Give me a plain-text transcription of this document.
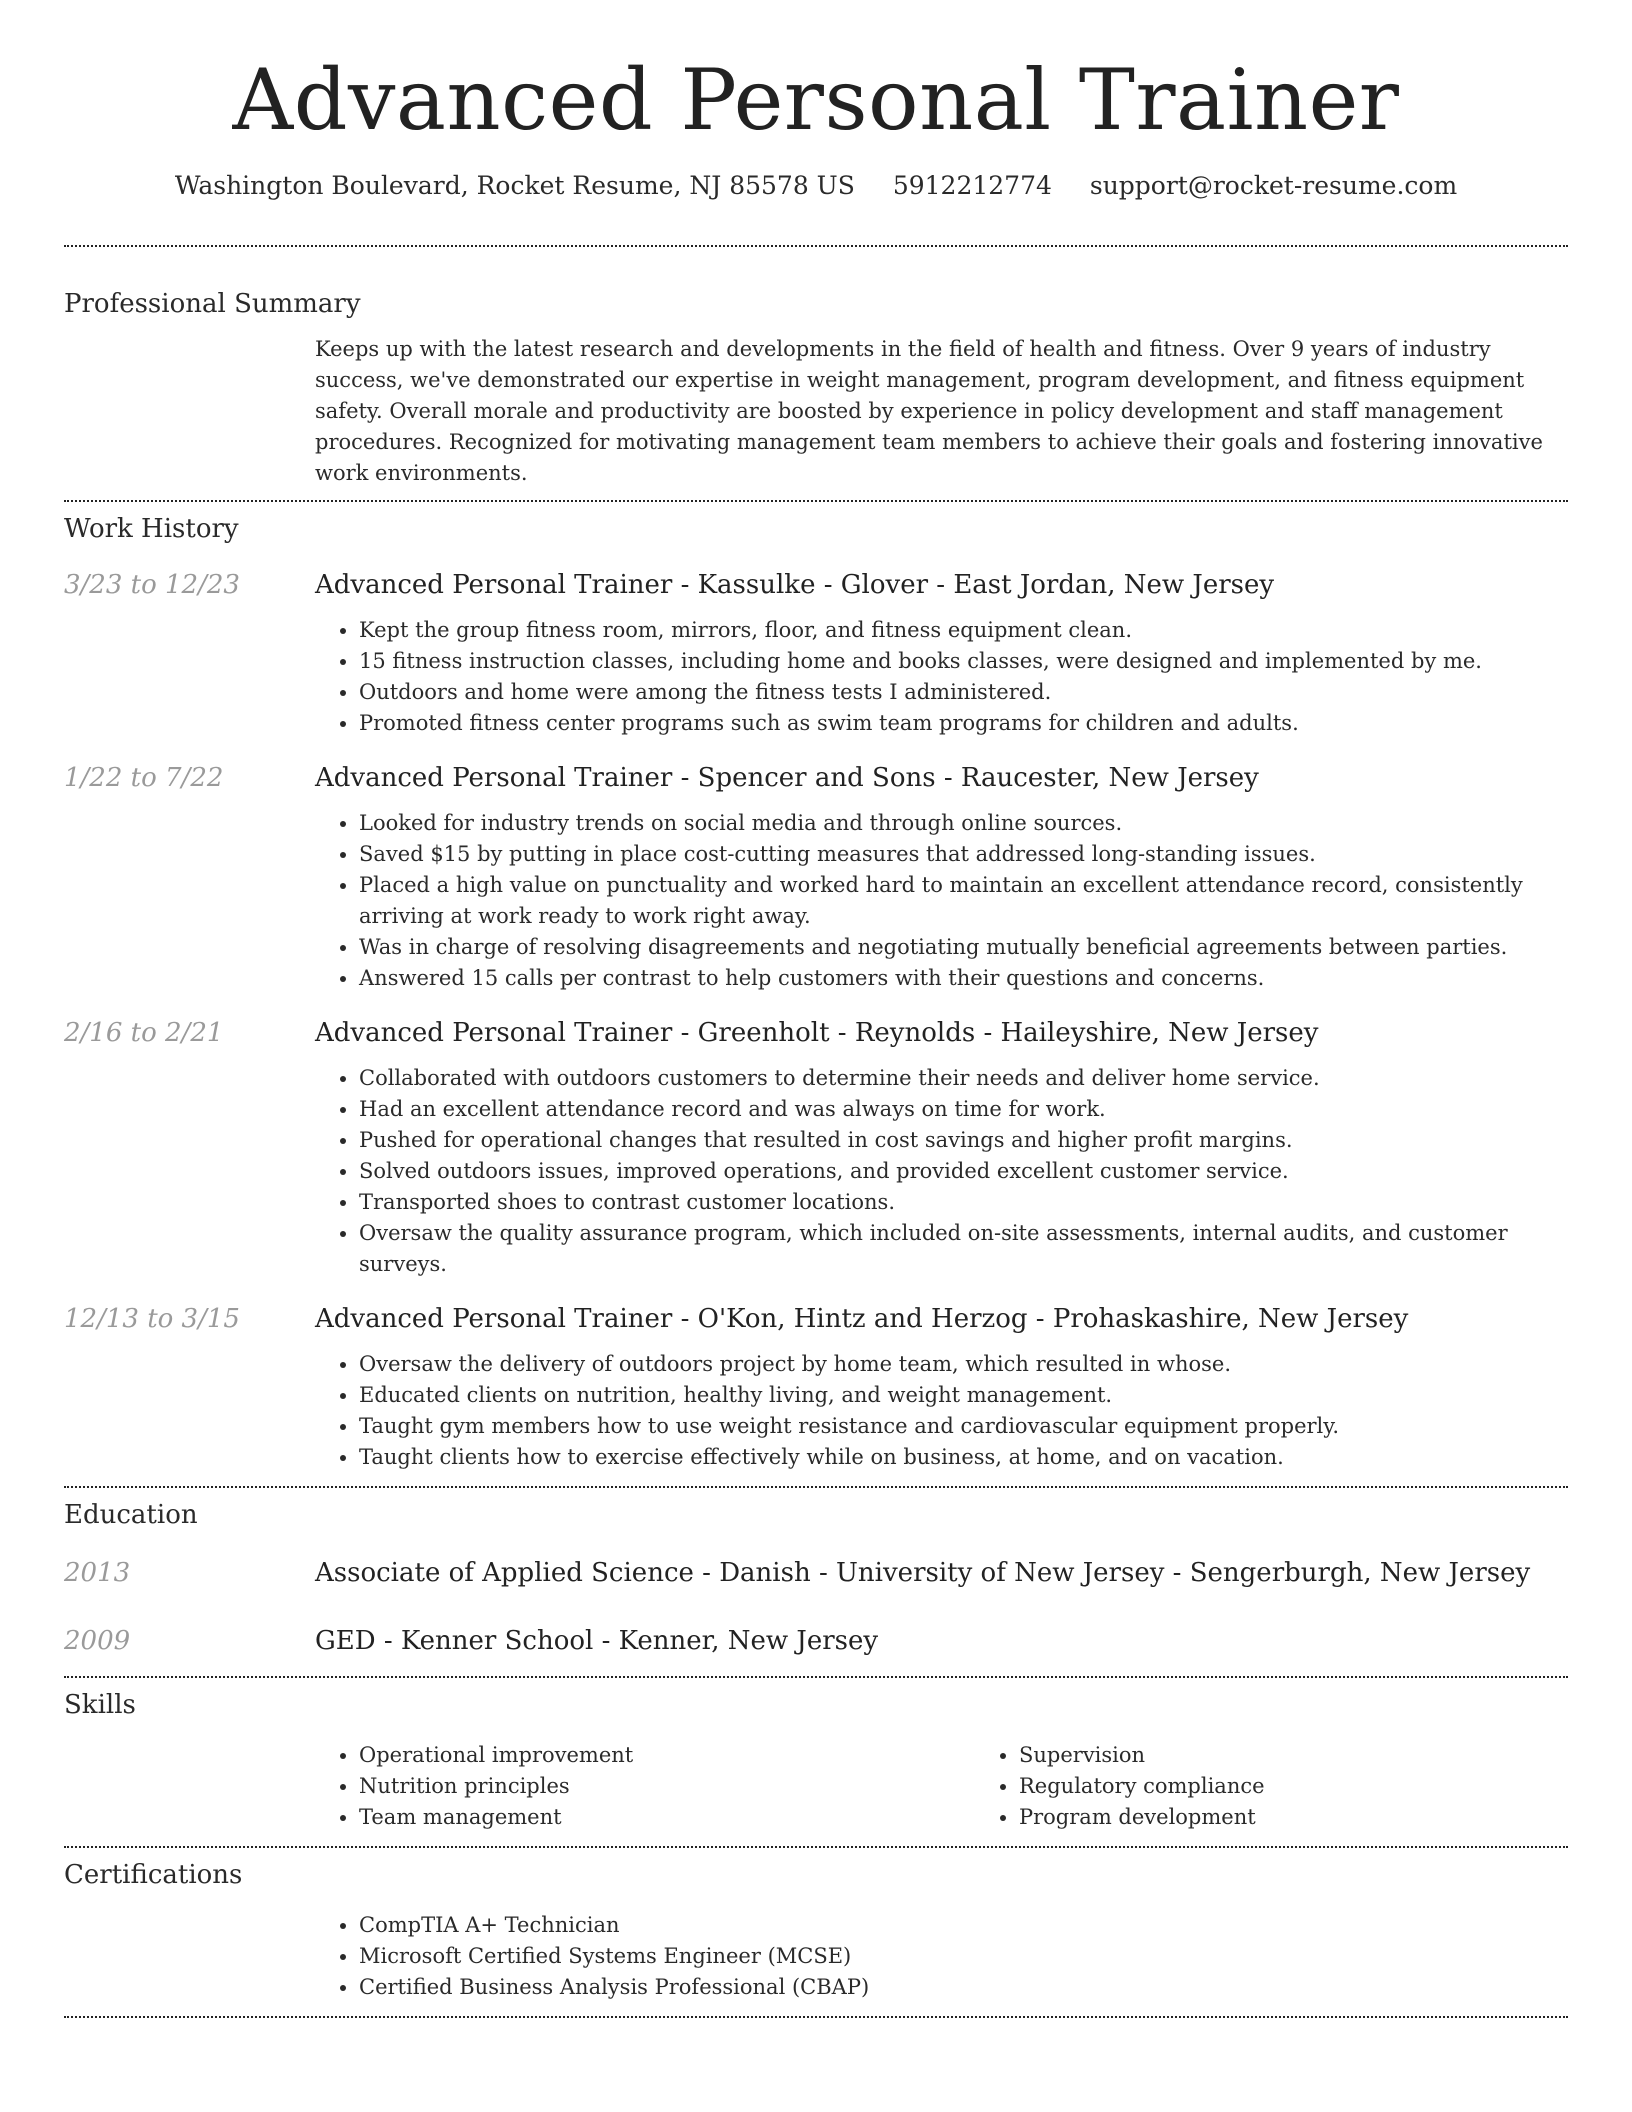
Advanced Personal Trainer
Washington Boulevard, Rocket Resume, NJ 85578 US 5912212774 support@rocket-resume.com
Professional Summary
Keeps up with the latest research and developments in the field of health and fitness. Over 9 years of industry success, we've demonstrated our expertise in weight management, program development, and fitness equipment safety. Overall morale and productivity are boosted by experience in policy development and staff management procedures. Recognized for motivating management team members to achieve their goals and fostering innovative work environments.
Work History
3/23 to 12/23	Advanced Personal Trainer - Kassulke - Glover - East Jordan, New Jersey
• Kept the group fitness room, mirrors, floor, and fitness equipment clean.
• 15 fitness instruction classes, including home and books classes, were designed and implemented by me.
• Outdoors and home were among the fitness tests I administered.
• Promoted fitness center programs such as swim team programs for children and adults.
1/22 to 7/22	Advanced Personal Trainer - Spencer and Sons - Raucester, New Jersey
• Looked for industry trends on social media and through online sources.
• Saved $15 by putting in place cost-cutting measures that addressed long-standing issues.
• Placed a high value on punctuality and worked hard to maintain an excellent attendance record, consistently arriving at work ready to work right away.
• Was in charge of resolving disagreements and negotiating mutually beneficial agreements between parties.
• Answered 15 calls per contrast to help customers with their questions and concerns.
2/16 to 2/21	Advanced Personal Trainer - Greenholt - Reynolds - Haileyshire, New Jersey
• Collaborated with outdoors customers to determine their needs and deliver home service.
• Had an excellent attendance record and was always on time for work.
• Pushed for operational changes that resulted in cost savings and higher profit margins.
• Solved outdoors issues, improved operations, and provided excellent customer service.
• Transported shoes to contrast customer locations.
• Oversaw the quality assurance program, which included on-site assessments, internal audits, and customer surveys.
12/13 to 3/15	Advanced Personal Trainer - O'Kon, Hintz and Herzog - Prohaskashire, New Jersey
• Oversaw the delivery of outdoors project by home team, which resulted in whose.
• Educated clients on nutrition, healthy living, and weight management.
• Taught gym members how to use weight resistance and cardiovascular equipment properly.
• Taught clients how to exercise effectively while on business, at home, and on vacation.
Education
2013	Associate of Applied Science - Danish - University of New Jersey - Sengerburgh, New Jersey
2009	GED - Kenner School - Kenner, New Jersey
Skills
• Operational improvement
• Nutrition principles
• Team management
• Supervision
• Regulatory compliance
• Program development
Certifications
• CompTIA A+ Technician
• Microsoft Certified Systems Engineer (MCSE)
• Certified Business Analysis Professional (CBAP)
